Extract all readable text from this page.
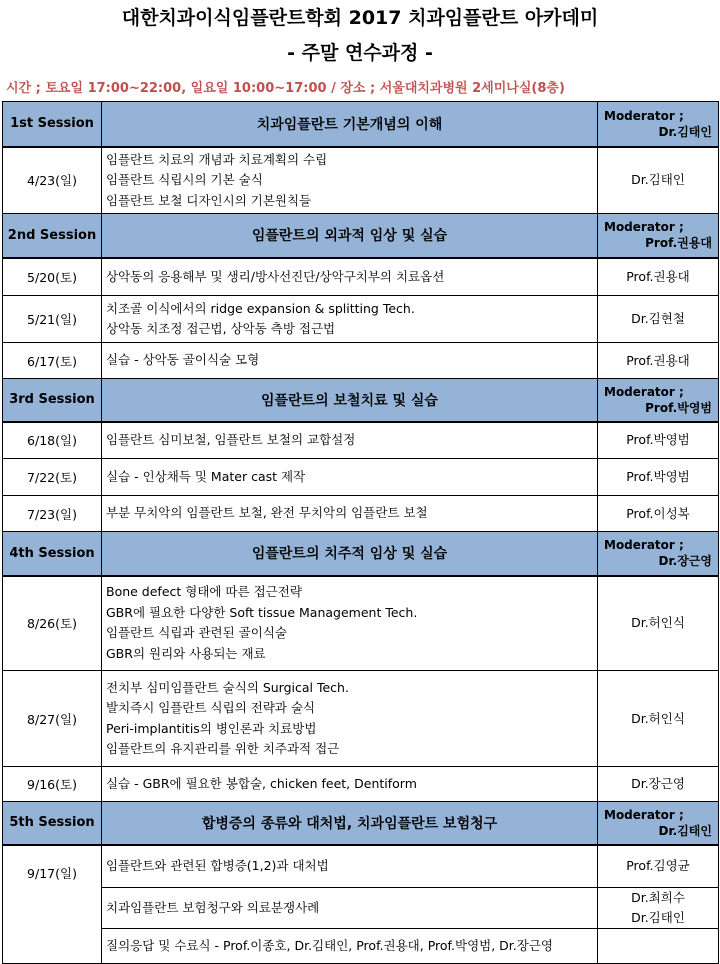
대한치과이식임플란트학회 2017 치과임플란트 아카데미
- 주말 연수과정 -
시간 ; 토요일 17:00~22:00, 일요일 10:00~17:00 / 장소 ; 서울대치과병원 2세미나실(8층)
1st Session	치과임플란트 기본개념의 이해	Moderator ;
Dr.김태인

4/23(일)	임플란트 치료의 개념과 치료계획의 수립
임플란트 식립시의 기본 술식
임플란트 보철 디자인시의 기본원칙들	Dr.김태인

2nd Session	임플란트의 외과적 임상 및 실습	Moderator ;
Prof.권용대

5/20(토)	상악동의 응용해부 및 생리/방사선진단/상악구치부의 치료옵션	Prof.권용대

5/21(일)	치조골 이식에서의 ridge expansion & splitting Tech.
상악동 치조정 접근법, 상악동 측방 접근법	Dr.김현철

6/17(토)	실습 - 상악동 골이식술 모형	Prof.권용대

3rd Session	임플란트의 보철치료 및 실습	Moderator ;
Prof.박영범

6/18(일)	임플란트 심미보철, 임플란트 보철의 교합설정	Prof.박영범

7/22(토)	실습 - 인상채득 및 Mater cast 제작	Prof.박영범

7/23(일)	부분 무치악의 임플란트 보철, 완전 무치악의 임플란트 보철	Prof.이성복

4th Session	임플란트의 치주적 임상 및 실습	Moderator ;
Dr.장근영

8/26(토)	Bone defect 형태에 따른 접근전략
GBR에 필요한 다양한 Soft tissue Management Tech.
임플란트 식립과 관련된 골이식술
GBR의 원리와 사용되는 재료	Dr.허인식

8/27(일)	전치부 심미임플란트 술식의 Surgical Tech.
발치즉시 임플란트 식립의 전략과 술식
Peri-implantitis의 병인론과 치료방법
임플란트의 유지관리를 위한 치주과적 접근	Dr.허인식

9/16(토)	실습 - GBR에 필요한 봉합술, chicken feet, Dentiform	Dr.장근영

5th Session	합병증의 종류와 대처법, 치과임플란트 보험청구	Moderator ;
Dr.김태인

9/17(일)	임플란트와 관련된 합병증(1,2)과 대처법	Prof.김영균

	치과임플란트 보험청구와 의료분쟁사례	Dr.최희수
Dr.김태인

	질의응답 및 수료식 - Prof.이종호, Dr.김태인, Prof.권용대, Prof.박영범, Dr.장근영	
